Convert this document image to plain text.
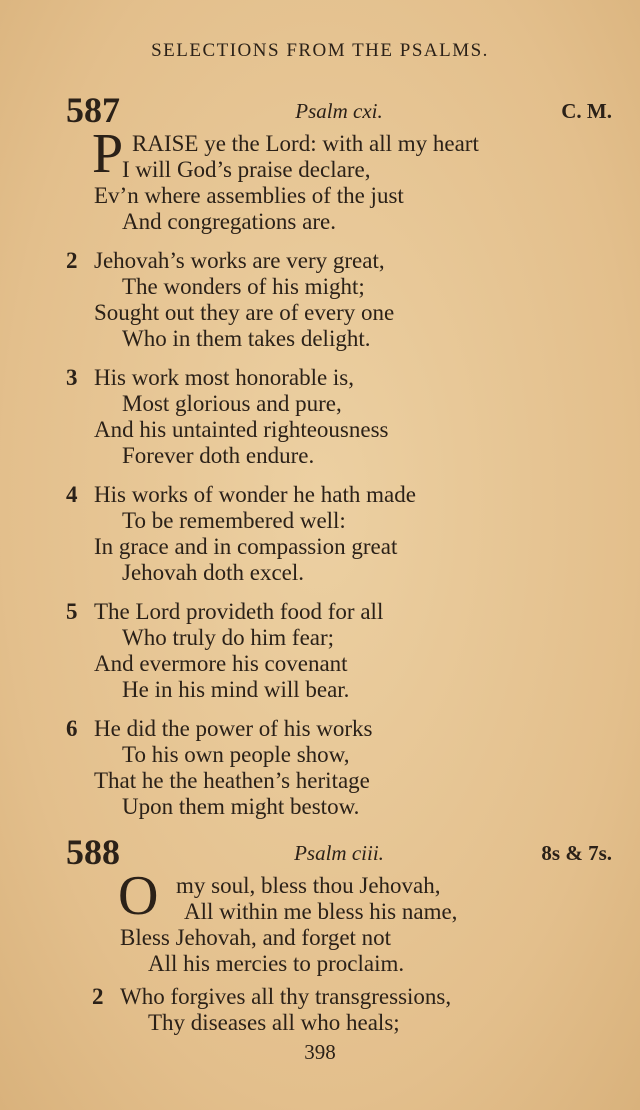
SELECTIONS FROM THE PSALMS.
587	Psalm cxi.	C. M.
P RAISE ye the Lord: with all my heart
I will God’s praise declare,
Ev’n where assemblies of the just
And congregations are.
2 Jehovah’s works are very great,
The wonders of his might;
Sought out they are of every one
Who in them takes delight.
3 His work most honorable is,
Most glorious and pure,
And his untainted righteousness
Forever doth endure.
4 His works of wonder he hath made
To be remembered well:
In grace and in compassion great
Jehovah doth excel.
5 The Lord provideth food for all
Who truly do him fear;
And evermore his covenant
He in his mind will bear.
6 He did the power of his works
To his own people show,
That he the heathen’s heritage
Upon them might bestow.
588	Psalm ciii.	8s & 7s.
O my soul, bless thou Jehovah,
All within me bless his name,
Bless Jehovah, and forget not
All his mercies to proclaim.
2 Who forgives all thy transgressions,
Thy diseases all who heals;
398
